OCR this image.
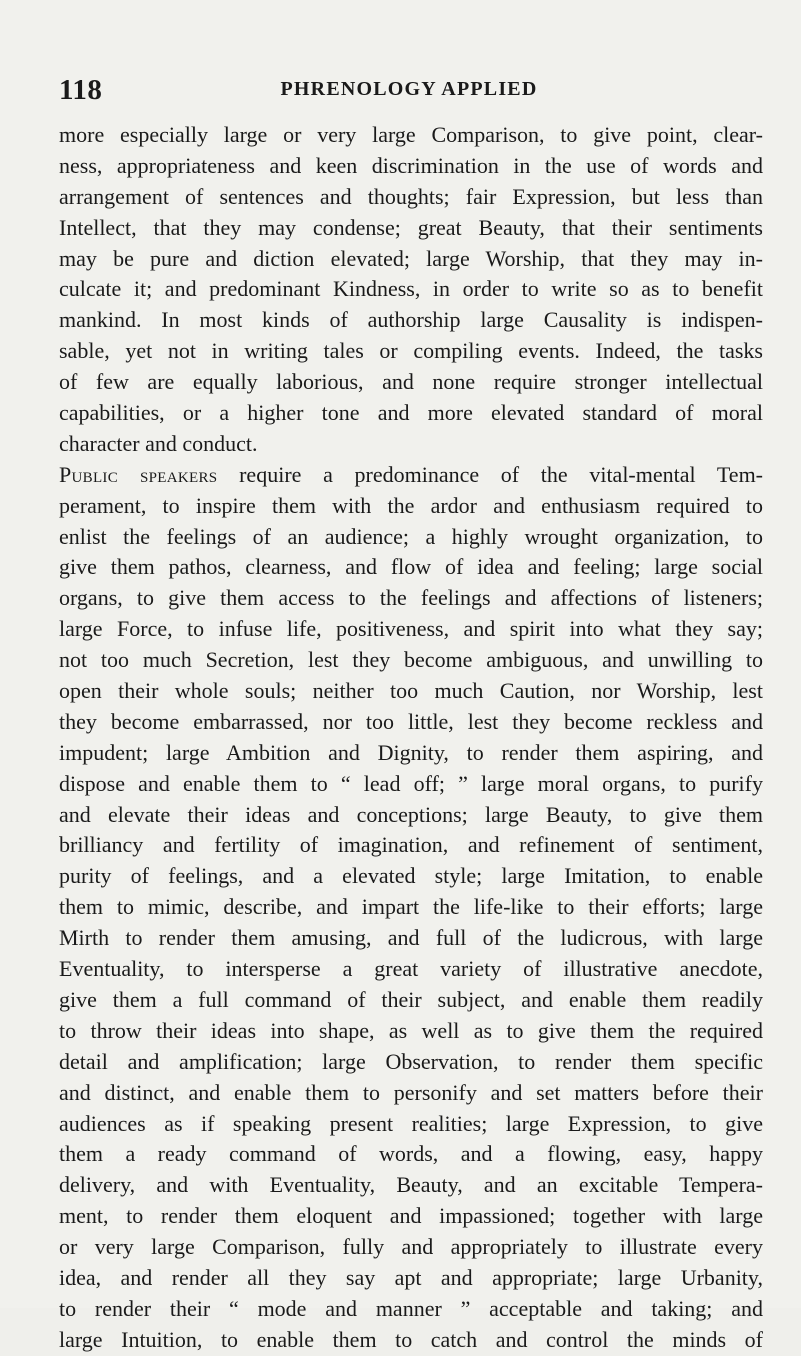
118	PHRENOLOGY APPLIED
more especially large or very large Comparison, to give point, clear-
ness, appropriateness and keen discrimination in the use of words and
arrangement of sentences and thoughts; fair Expression, but less than
Intellect, that they may condense; great Beauty, that their sentiments
may be pure and diction elevated; large Worship, that they may in-
culcate it; and predominant Kindness, in order to write so as to benefit
mankind. In most kinds of authorship large Causality is indispen-
sable, yet not in writing tales or compiling events. Indeed, the tasks
of few are equally laborious, and none require stronger intellectual
capabilities, or a higher tone and more elevated standard of moral
character and conduct.
Public speakers require a predominance of the vital-mental Tem-
perament, to inspire them with the ardor and enthusiasm required to
enlist the feelings of an audience; a highly wrought organization, to
give them pathos, clearness, and flow of idea and feeling; large social
organs, to give them access to the feelings and affections of listeners;
large Force, to infuse life, positiveness, and spirit into what they say;
not too much Secretion, lest they become ambiguous, and unwilling to
open their whole souls; neither too much Caution, nor Worship, lest
they become embarrassed, nor too little, lest they become reckless and
impudent; large Ambition and Dignity, to render them aspiring, and
dispose and enable them to “ lead off; ” large moral organs, to purify
and elevate their ideas and conceptions; large Beauty, to give them
brilliancy and fertility of imagination, and refinement of sentiment,
purity of feelings, and a elevated style; large Imitation, to enable
them to mimic, describe, and impart the life-like to their efforts; large
Mirth to render them amusing, and full of the ludicrous, with large
Eventuality, to intersperse a great variety of illustrative anecdote,
give them a full command of their subject, and enable them readily
to throw their ideas into shape, as well as to give them the required
detail and amplification; large Observation, to render them specific
and distinct, and enable them to personify and set matters before their
audiences as if speaking present realities; large Expression, to give
them a ready command of words, and a flowing, easy, happy
delivery, and with Eventuality, Beauty, and an excitable Tempera-
ment, to render them eloquent and impassioned; together with large
or very large Comparison, fully and appropriately to illustrate every
idea, and render all they say apt and appropriate; large Urbanity,
to render their “ mode and manner ” acceptable and taking; and
large Intuition, to enable them to catch and control the minds of
